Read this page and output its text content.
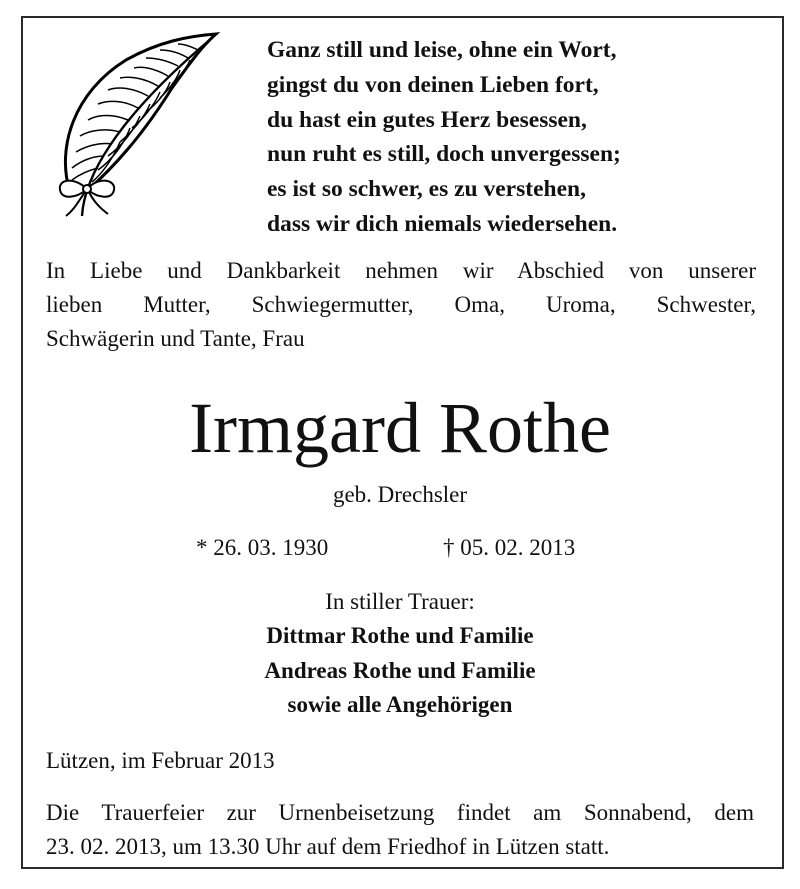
Ganz still und leise, ohne ein Wort,
gingst du von deinen Lieben fort,
du hast ein gutes Herz besessen,
nun ruht es still, doch unvergessen;
es ist so schwer, es zu verstehen,
dass wir dich niemals wiedersehen.
In Liebe und Dankbarkeit nehmen wir Abschied von unserer
lieben Mutter, Schwiegermutter, Oma, Uroma, Schwester,
Schwägerin und Tante, Frau
Irmgard Rothe
geb. Drechsler
* 26. 03. 1930	† 05. 02. 2013
In stiller Trauer:
Dittmar Rothe und Familie
Andreas Rothe und Familie
sowie alle Angehörigen
Lützen, im Februar 2013
Die Trauerfeier zur Urnenbeisetzung findet am Sonnabend, dem
23. 02. 2013, um 13.30 Uhr auf dem Friedhof in Lützen statt.
